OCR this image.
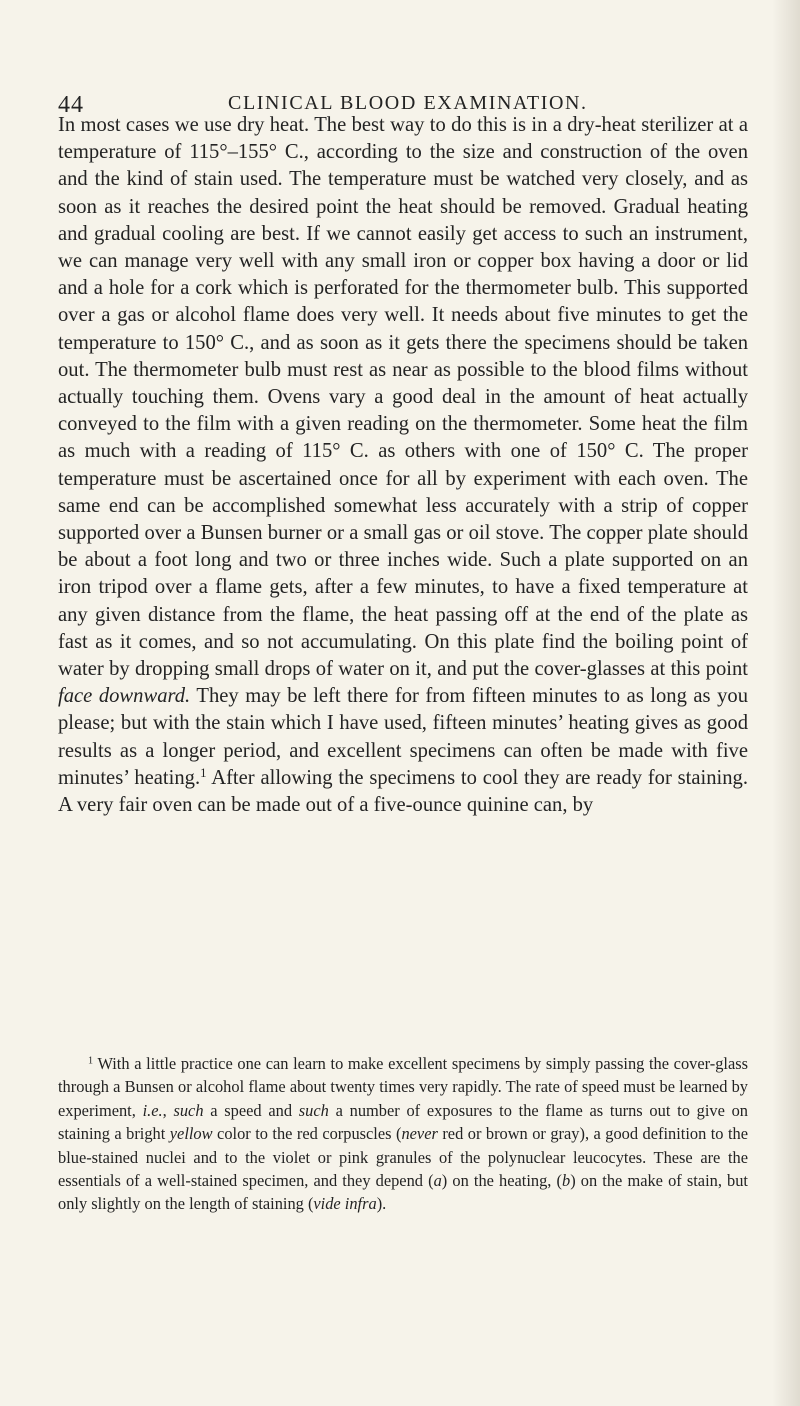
44	CLINICAL BLOOD EXAMINATION.

In most cases we use dry heat. The best way to do this is in a dry-heat sterilizer at a temperature of 115°–155° C., according to the size and construction of the oven and the kind of stain used. The temperature must be watched very closely, and as soon as it reaches the desired point the heat should be removed. Gradual heating and gradual cooling are best. If we cannot easily get access to such an instrument, we can manage very well with any small iron or copper box having a door or lid and a hole for a cork which is perforated for the thermometer bulb. This supported over a gas or alcohol flame does very well. It needs about five minutes to get the temperature to 150° C., and as soon as it gets there the specimens should be taken out. The thermometer bulb must rest as near as possible to the blood films without actually touching them. Ovens vary a good deal in the amount of heat actually conveyed to the film with a given reading on the thermometer. Some heat the film as much with a reading of 115° C. as others with one of 150° C. The proper temperature must be ascertained once for all by experiment with each oven. The same end can be accomplished somewhat less accurately with a strip of copper supported over a Bunsen burner or a small gas or oil stove. The copper plate should be about a foot long and two or three inches wide. Such a plate supported on an iron tripod over a flame gets, after a few minutes, to have a fixed temperature at any given distance from the flame, the heat passing off at the end of the plate as fast as it comes, and so not accumulating. On this plate find the boiling point of water by dropping small drops of water on it, and put the cover-glasses at this point face downward. They may be left there for from fifteen minutes to as long as you please; but with the stain which I have used, fifteen minutes’ heating gives as good results as a longer period, and excellent specimens can often be made with five minutes’ heating.$^1$ After allowing the specimens to cool they are ready for staining. A very fair oven can be made out of a five-ounce quinine can, by

$^1$ With a little practice one can learn to make excellent specimens by simply passing the cover-glass through a Bunsen or alcohol flame about twenty times very rapidly. The rate of speed must be learned by experiment, i.e., such a speed and such a number of exposures to the flame as turns out to give on staining a bright yellow color to the red corpuscles (never red or brown or gray), a good definition to the blue-stained nuclei and to the violet or pink granules of the polynuclear leucocytes. These are the essentials of a well-stained specimen, and they depend (a) on the heating, (b) on the make of stain, but only slightly on the length of staining (vide infra).
